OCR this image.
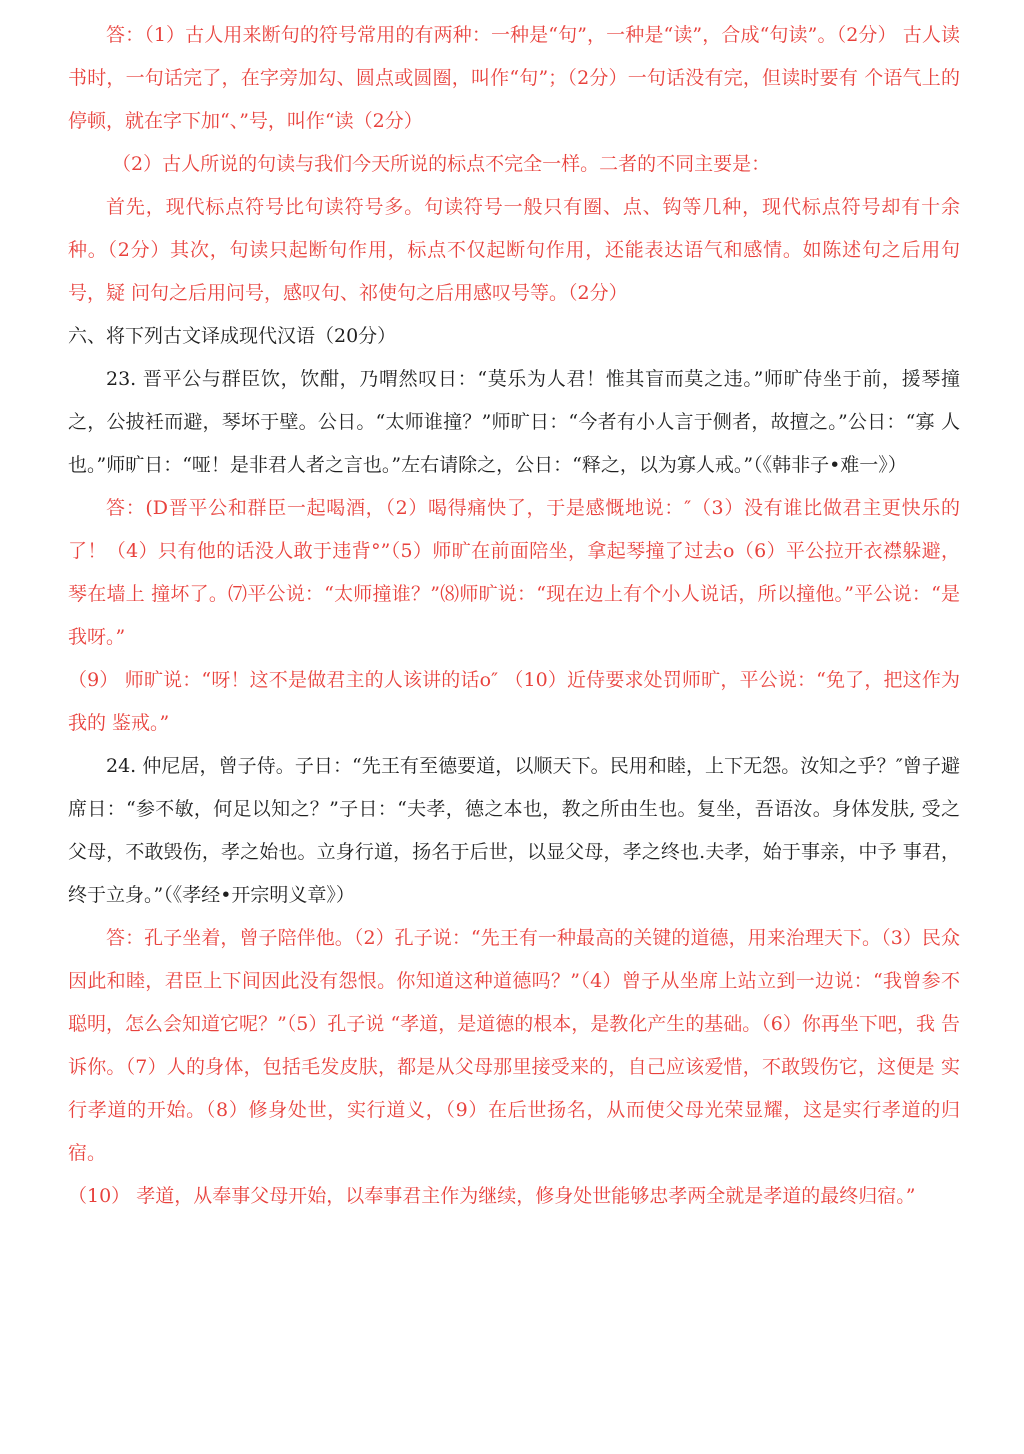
答：（1）古人用来断句的符号常用的有两种：一种是“句”，一种是“读”，合成“句读”。（2分） 古人读书时，一句话完了，在字旁加勾、圆点或圆圈，叫作“句”；（2分）一句话没有完，但读时要有 个语气上的停顿，就在字下加“、”号，叫作“读（2分）

（2）古人所说的句读与我们今天所说的标点不完全一样。二者的不同主要是：

首先，现代标点符号比句读符号多。句读符号一般只有圈、点、钩等几种，现代标点符号却有十余种。（2分）其次，句读只起断句作用，标点不仅起断句作用，还能表达语气和感情。如陈述句之后用句号，疑 问句之后用问号，感叹句、祁使句之后用感叹号等。（2分）

六、将下列古文译成现代汉语（20分）

23. 晋平公与群臣饮，饮酣，乃喟然叹日：“莫乐为人君！惟其盲而莫之违。”师旷侍坐于前，援琴撞 之，公披衽而避，琴坏于壁。公日。“太师谁撞？”师旷日：“今者有小人言于侧者，故擅之。”公日：“寡 人也。”师旷日：“哑！是非君人者之言也。”左右请除之，公日：“释之，以为寡人戒。”（《韩非子•难一》）

答：(D晋平公和群臣一起喝酒，（2）喝得痛快了，于是感慨地说：″（3）没有谁比做君主更快乐的了！（4）只有他的话没人敢于违背°”（5）师旷在前面陪坐，拿起琴撞了过去o（6）平公拉开衣襟躲避，琴在墙上 撞坏了。⑺平公说：“太师撞谁？”⑻师旷说：“现在边上有个小人说话，所以撞他。”平公说：“是我呀。”

（9） 师旷说：“呀！这不是做君主的人该讲的话o″ （10）近侍要求处罚师旷，平公说：“免了，把这作为我的 鉴戒。”

24. 仲尼居，曾子侍。子日：“先王有至德要道，以顺天下。民用和睦，上下无怨。汝知之乎？″曾子避席日：“参不敏，何足以知之？”子日：“夫孝，德之本也，教之所由生也。复坐，吾语汝。身体发肤, 受之父母，不敢毁伤，孝之始也。立身行道，扬名于后世，以显父母，孝之终也.夫孝，始于事亲，中予 事君，终于立身。”（《孝经•开宗明义章》）

答：孔子坐着，曾子陪伴他。（2）孔子说：“先王有一种最高的关键的道德，用来治理天下。（3）民众 因此和睦，君臣上下间因此没有怨恨。你知道这种道德吗？”（4）曾子从坐席上站立到一边说：“我曾参不 聪明，怎么会知道它呢？”（5）孔子说 “孝道，是道德的根本，是教化产生的基础。（6）你再坐下吧，我 告诉你。（7）人的身体，包括毛发皮肤，都是从父母那里接受来的，自己应该爱惜，不敢毁伤它，这便是 实行孝道的开始。（8）修身处世，实行道义，（9）在后世扬名，从而使父母光荣显耀，这是实行孝道的归宿。

（10） 孝道，从奉事父母开始，以奉事君主作为继续，修身处世能够忠孝两全就是孝道的最终归宿。”
